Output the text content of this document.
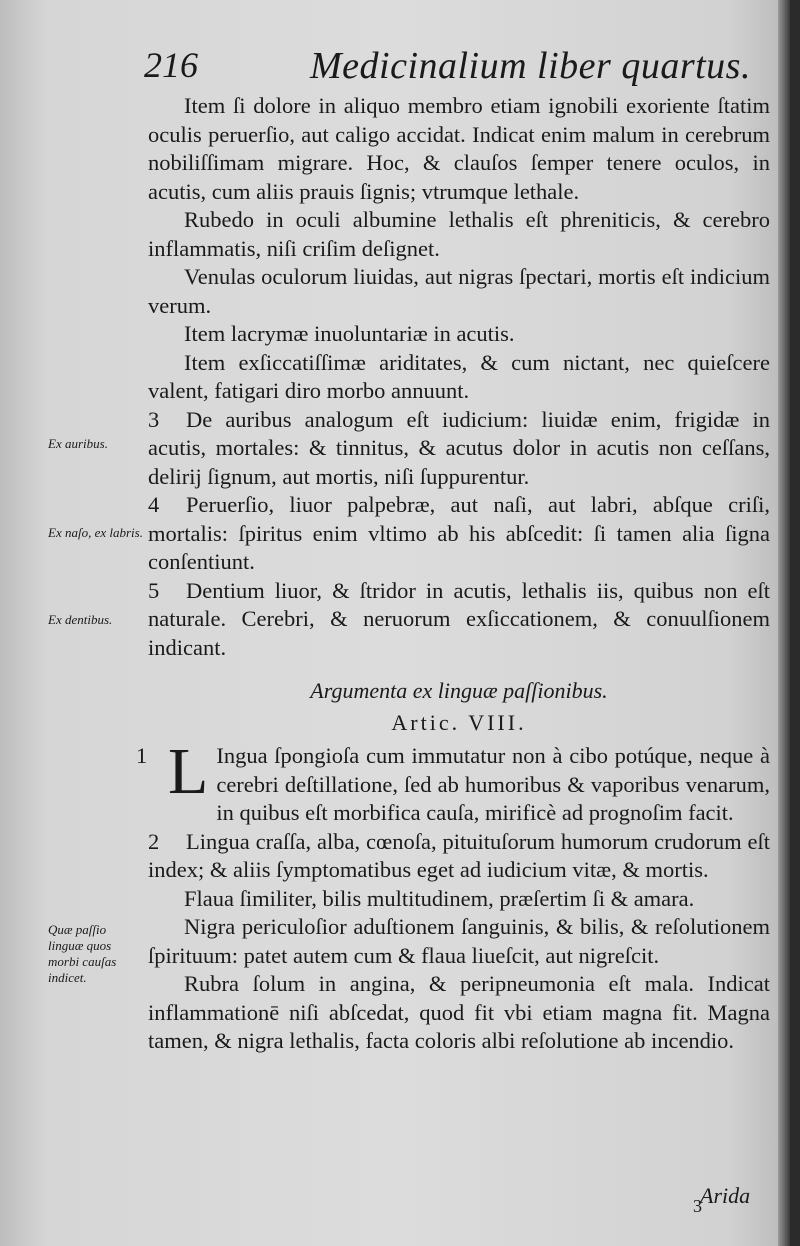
216	Medicinalium liber quartus.
Ex auribus.
Ex naſo, ex labris.
Ex dentibus.
Quæ paſſio linguæ quos morbi cauſas indicet.

Item ſi dolore in aliquo membro etiam ignobili exoriente ſtatim oculis peruerſio, aut caligo accidat. Indicat enim malum in cerebrum nobiliſſimam migrare. Hoc, & clauſos ſemper tenere oculos, in acutis, cum aliis prauis ſignis; vtrumque lethale.

Rubedo in oculi albumine lethalis eſt phreniticis, & cerebro inflammatis, niſi criſim deſignet.

Venulas oculorum liuidas, aut nigras ſpectari, mortis eſt indicium verum.

Item lacrymæ inuoluntariæ in acutis.

Item exſiccatiſſimæ ariditates, & cum nictant, nec quieſcere valent, fatigari diro morbo annuunt.

3 De auribus analogum eſt iudicium: liuidæ enim, frigidæ in acutis, mortales: & tinnitus, & acutus dolor in acutis non ceſſans, delirij ſignum, aut mortis, niſi ſuppurentur.

4 Peruerſio, liuor palpebræ, aut naſi, aut labri, abſque criſi, mortalis: ſpiritus enim vltimo ab his abſcedit: ſi tamen alia ſigna conſentiunt.

5 Dentium liuor, & ſtridor in acutis, lethalis iis, quibus non eſt naturale. Cerebri, & neruorum exſiccationem, & conuulſionem indicant.

Argumenta ex linguæ paſſionibus.
Artic. VIII.

1 L Ingua ſpongioſa cum immutatur non à cibo potúque, neque à cerebri deſtillatione, ſed ab humoribus & vaporibus venarum, in quibus eſt morbifica cauſa, mirificè ad prognoſim facit.

2 Lingua craſſa, alba, cœnoſa, pituituſorum humorum crudorum eſt index; & aliis ſymptomatibus eget ad iudicium vitæ, & mortis.

Flaua ſimiliter, bilis multitudinem, præſertim ſi & amara.

Nigra periculoſior aduſtionem ſanguinis, & bilis, & reſolutionem ſpirituum: patet autem cum & flaua liueſcit, aut nigreſcit.

Rubra ſolum in angina, & peripneumonia eſt mala. Indicat inflammationē niſi abſcedat, quod fit vbi etiam magna fit. Magna tamen, & nigra lethalis, facta coloris albi reſolutione ab incendio.

3
Arida
